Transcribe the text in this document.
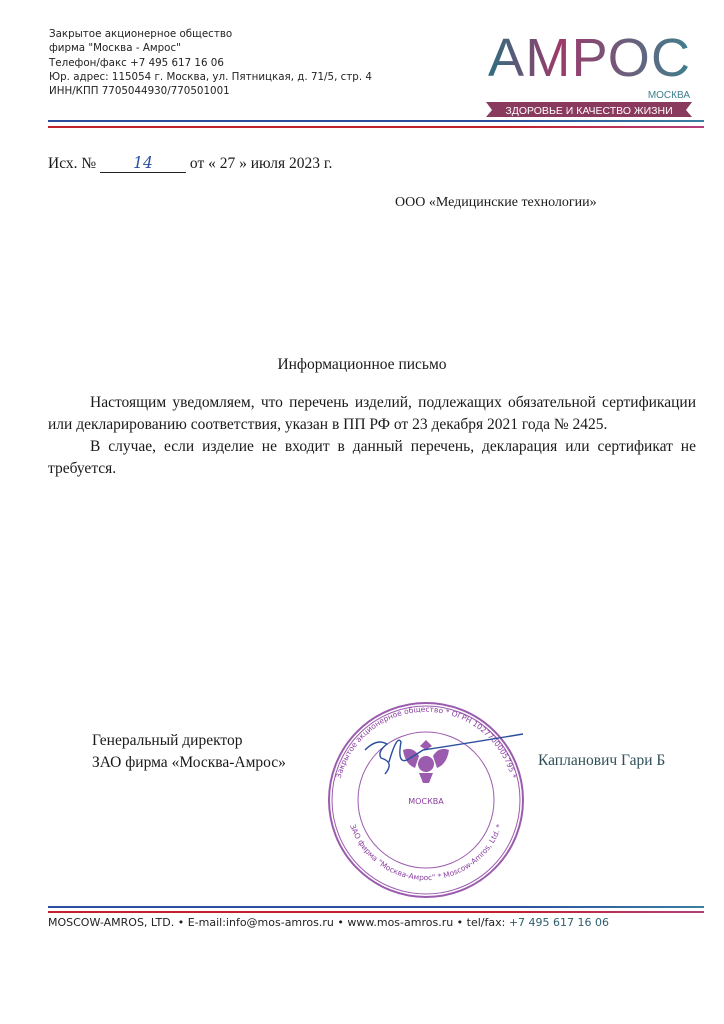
Закрытое акционерное общество
фирма "Москва - Амрос"
Телефон/факс +7 495 617 16 06
Юр. адрес: 115054 г. Москва, ул. Пятницкая, д. 71/5, стр. 4
ИНН/КПП 7705044930/770501001
АМРОС
МОСКВА
ЗДОРОВЬЕ И КАЧЕСТВО ЖИЗНИ
Исх. № 14 от « 27 » июля 2023 г.
ООО «Медицинские технологии»
Информационное письмо

Настоящим уведомляем, что перечень изделий, подлежащих обязательной сертификации или декларированию соответствия, указан в ПП РФ от 23 декабря 2021 года № 2425.

В случае, если изделие не входит в данный перечень, декларация или сертификат не требуется.

Генеральный директор
ЗАО фирма «Москва-Амрос»
Закрытое акционерное общество * ОГРН 1027700005795 *
ЗАО фирма "Москва-Амрос" * Moscow-Amros, Ltd. *
МОСКВА
Капланович Гари Б
MOSCOW-AMROS, LTD. • E-mail:info@mos-amros.ru • www.mos-amros.ru • tel/fax: +7 495 617 16 06
